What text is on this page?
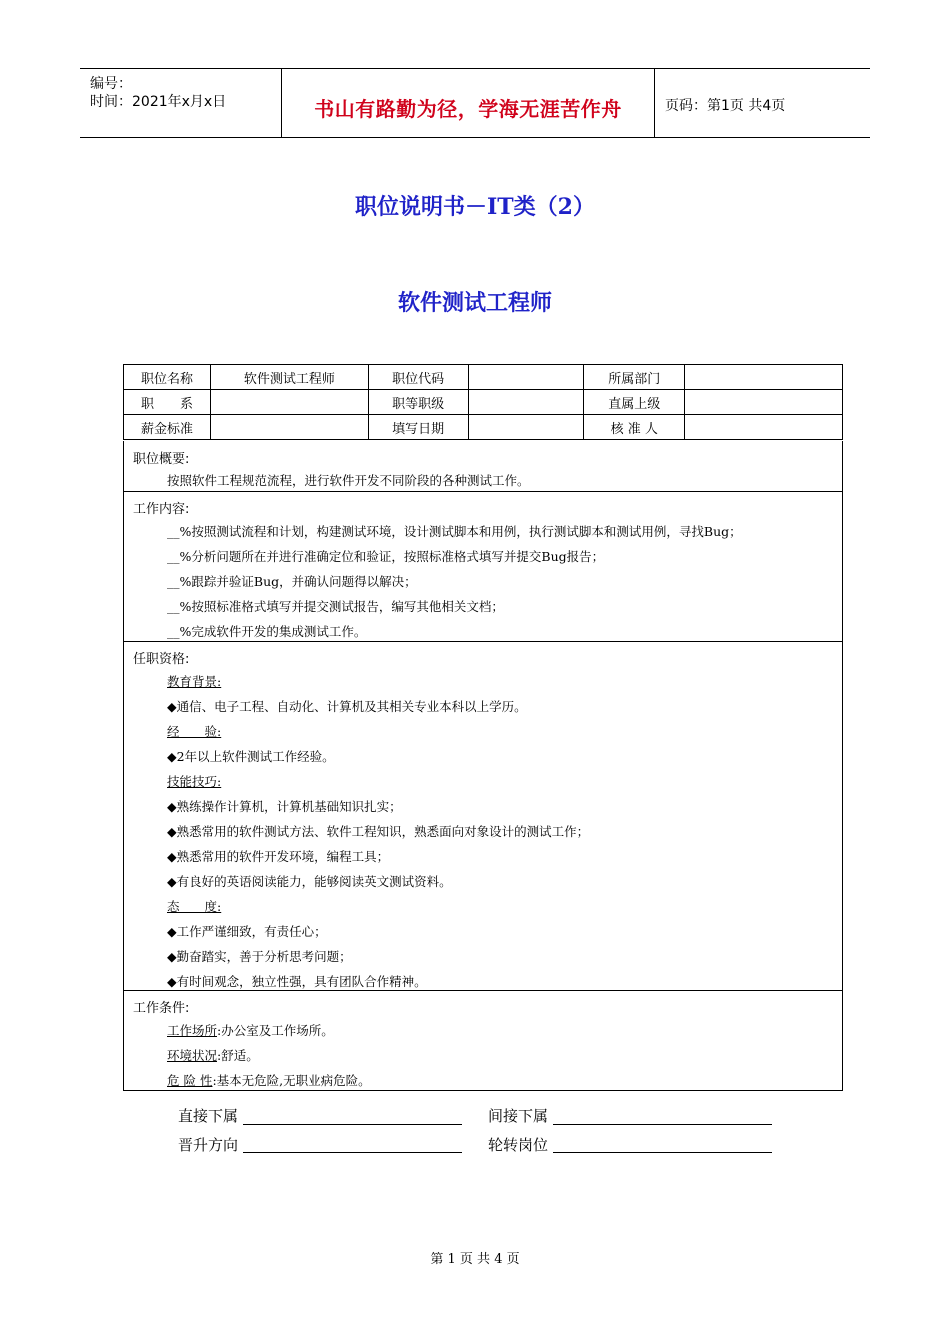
编号：
时间：2021年x月x日	书山有路勤为径，学海无涯苦作舟	页码：第1页 共4页
职位说明书－IT类（2）
软件测试工程师
职位名称	软件测试工程师	职位代码		所属部门	
职　　系		职等职级		直属上级	
薪金标准		填写日期		核 准 人	
职位概要:
按照软件工程规范流程，进行软件开发不同阶段的各种测试工作。
工作内容:
__%按照测试流程和计划，构建测试环境，设计测试脚本和用例，执行测试脚本和测试用例，寻找Bug；
__%分析问题所在并进行准确定位和验证，按照标准格式填写并提交Bug报告；
__%跟踪并验证Bug，并确认问题得以解决；
__%按照标准格式填写并提交测试报告，编写其他相关文档；
__%完成软件开发的集成测试工作。
任职资格:
教育背景:
◆通信、电子工程、自动化、计算机及其相关专业本科以上学历。
经　　验:
◆2年以上软件测试工作经验。
技能技巧:
◆熟练操作计算机，计算机基础知识扎实；
◆熟悉常用的软件测试方法、软件工程知识，熟悉面向对象设计的测试工作；
◆熟悉常用的软件开发环境，编程工具；
◆有良好的英语阅读能力，能够阅读英文测试资料。
态　　度:
◆工作严谨细致，有责任心；
◆勤奋踏实，善于分析思考问题；
◆有时间观念，独立性强，具有团队合作精神。
工作条件:
工作场所:办公室及工作场所。
环境状况:舒适。
危 险 性:基本无危险,无职业病危险。
直接下属	间接下属
晋升方向	轮转岗位
第 1 页 共 4 页
